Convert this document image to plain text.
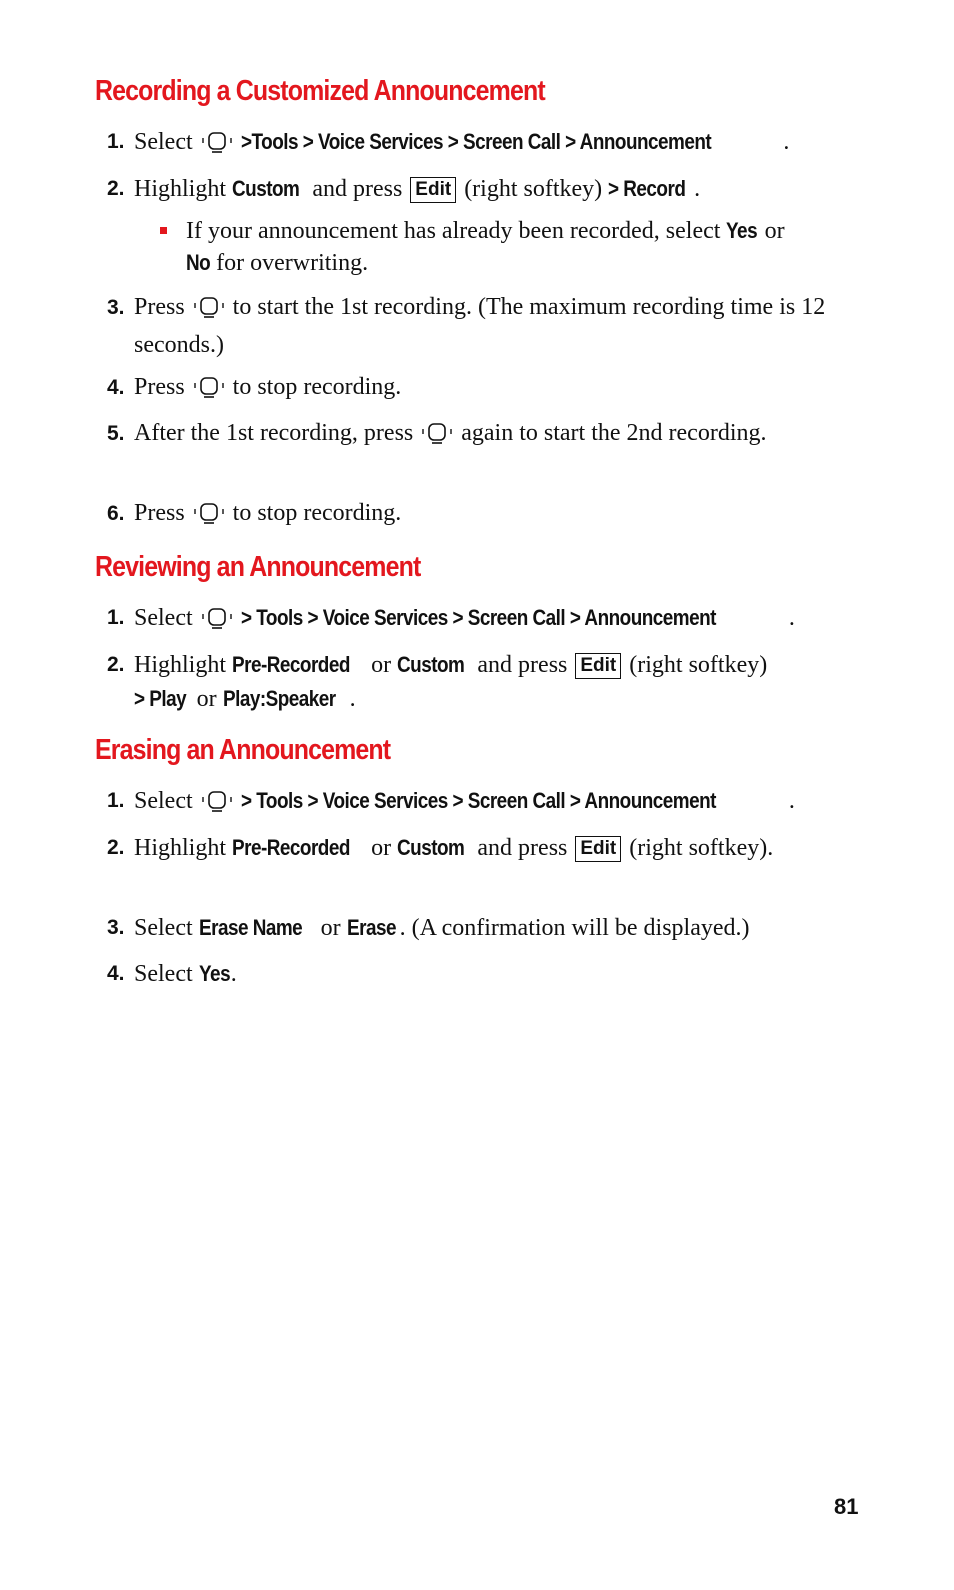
Recording a Customized Announcement
1. Select >Tools > Voice Services > Screen Call > Announcement	.
2. Highlight Custom and press Edit (right softkey) > Record .
If your announcement has already been recorded, select Yes or No for overwriting.
3. Press to start the 1st recording. (The maximum recording time is 12 seconds.)
4. Press to stop recording.
5. After the 1st recording, press again to start the 2nd recording.
6. Press to stop recording.
Reviewing an Announcement
1. Select > Tools > Voice Services > Screen Call > Announcement	.
2. Highlight Pre-Recorded or Custom and press Edit (right softkey) > Play or Play:Speaker .
Erasing an Announcement
1. Select > Tools > Voice Services > Screen Call > Announcement	.
2. Highlight Pre-Recorded or Custom and press Edit (right softkey).
3. Select Erase Name or Erase . (A confirmation will be displayed.)
4. Select Yes.
81
